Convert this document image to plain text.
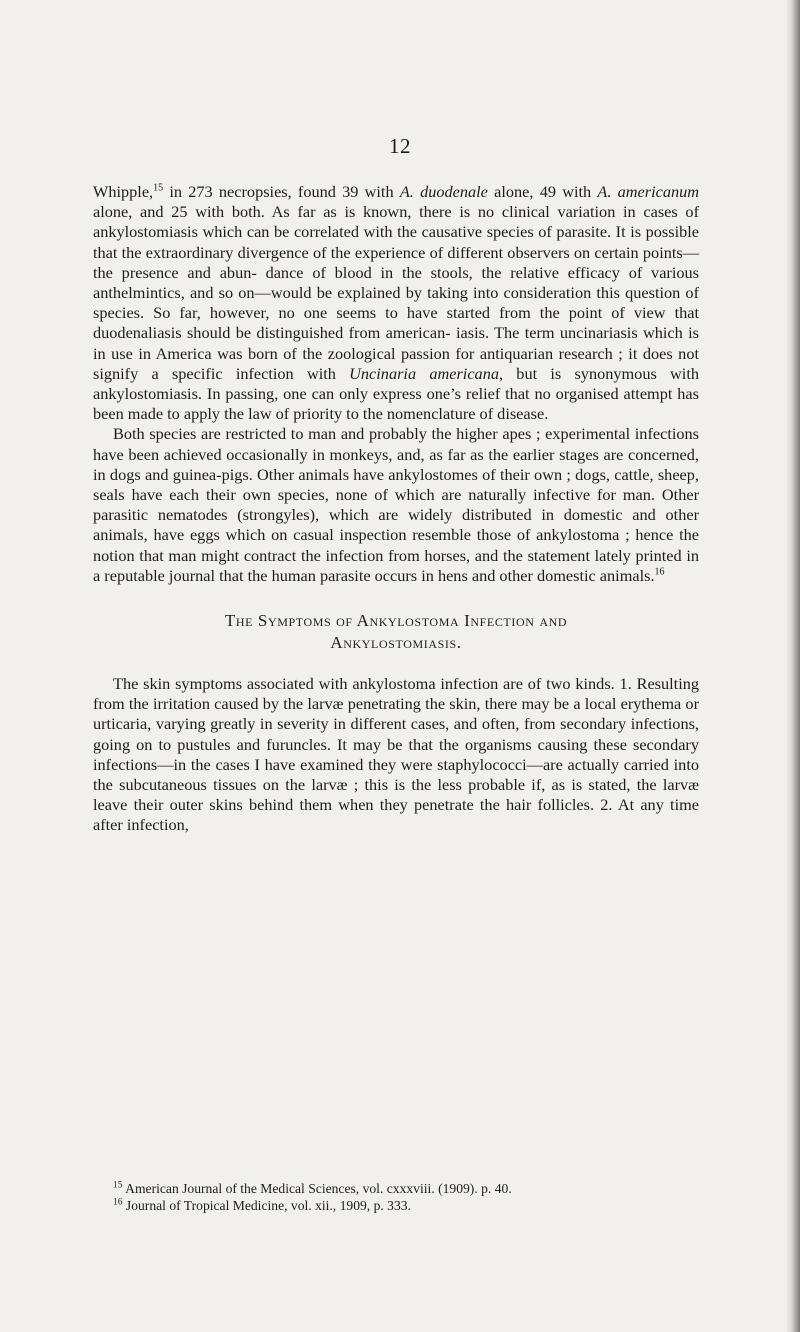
12

Whipple,$^{15}$ in 273 necropsies, found 39 with A. duodenale alone, 49 with A. americanum alone, and 25 with both. As far as is known, there is no clinical variation in cases of ankylostomiasis which can be correlated with the causative species of parasite. It is possible that the extraordinary divergence of the experience of different observers on certain points—the presence and abun- dance of blood in the stools, the relative efficacy of various anthelmintics, and so on—would be explained by taking into consideration this question of species. So far, however, no one seems to have started from the point of view that duodenaliasis should be distinguished from american- iasis. The term uncinariasis which is in use in America was born of the zoological passion for antiquarian research ; it does not signify a specific infection with Uncinaria americana, but is synonymous with ankylostomiasis. In passing, one can only express one’s relief that no organised attempt has been made to apply the law of priority to the nomenclature of disease.

Both species are restricted to man and probably the higher apes ; experimental infections have been achieved occasionally in monkeys, and, as far as the earlier stages are concerned, in dogs and guinea-pigs. Other animals have ankylostomes of their own ; dogs, cattle, sheep, seals have each their own species, none of which are naturally infective for man. Other parasitic nematodes (strongyles), which are widely distributed in domestic and other animals, have eggs which on casual inspection resemble those of ankylostoma ; hence the notion that man might contract the infection from horses, and the statement lately printed in a reputable journal that the human parasite occurs in hens and other domestic animals.$^{16}$

The Symptoms of Ankylostoma Infection and
Ankylostomiasis.

The skin symptoms associated with ankylostoma infection are of two kinds. 1. Resulting from the irritation caused by the larvæ penetrating the skin, there may be a local erythema or urticaria, varying greatly in severity in different cases, and often, from secondary infections, going on to pustules and furuncles. It may be that the organisms causing these secondary infections—in the cases I have examined they were staphylococci—are actually carried into the subcutaneous tissues on the larvæ ; this is the less probable if, as is stated, the larvæ leave their outer skins behind them when they penetrate the hair follicles. 2. At any time after infection,

$^{15}$ American Journal of the Medical Sciences, vol. cxxxviii. (1909). p. 40.

$^{16}$ Journal of Tropical Medicine, vol. xii., 1909, p. 333.
